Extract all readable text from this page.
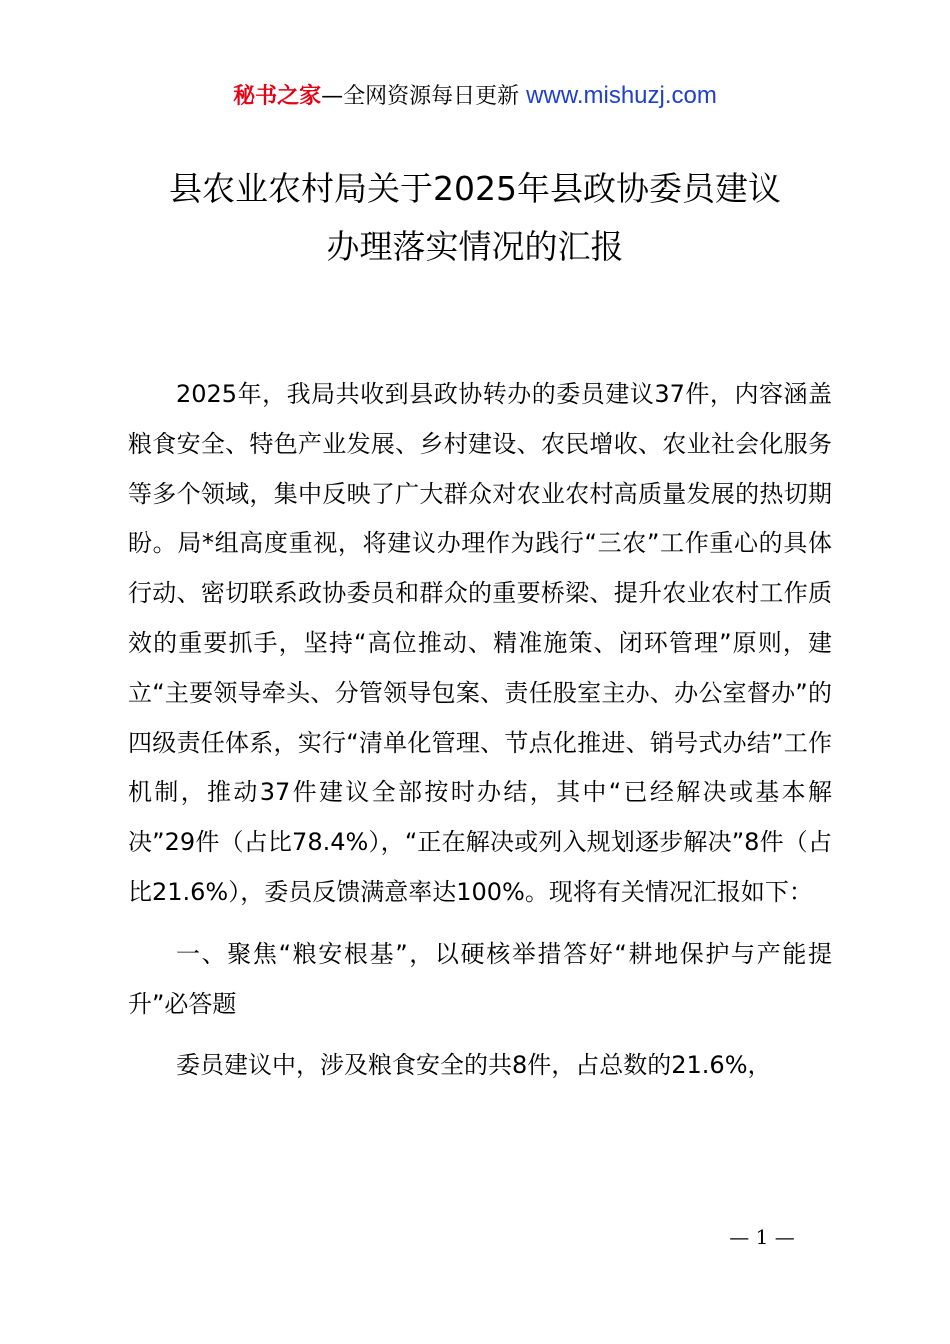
秘书之家—全网资源每日更新 www.mishuzj.com
县农业农村局关于2025年县政协委员建议
办理落实情况的汇报

2025年，我局共收到县政协转办的委员建议37件，内容涵盖粮食安全、特色产业发展、乡村建设、农民增收、农业社会化服务等多个领域，集中反映了广大群众对农业农村高质量发展的热切期盼。局*组高度重视，将建议办理作为践行“三农”工作重心的具体行动、密切联系政协委员和群众的重要桥梁、提升农业农村工作质效的重要抓手，坚持“高位推动、精准施策、闭环管理”原则，建立“主要领导牵头、分管领导包案、责任股室主办、办公室督办”的四级责任体系，实行“清单化管理、节点化推进、销号式办结”工作机制，推动37件建议全部按时办结，其中“已经解决或基本解决”29件（占比78.4%），“正在解决或列入规划逐步解决”8件（占比21.6%），委员反馈满意率达100%。现将有关情况汇报如下：

一、聚焦“粮安根基”，以硬核举措答好“耕地保护与产能提升”必答题

委员建议中，涉及粮食安全的共8件，占总数的21.6%，

— 1 —
